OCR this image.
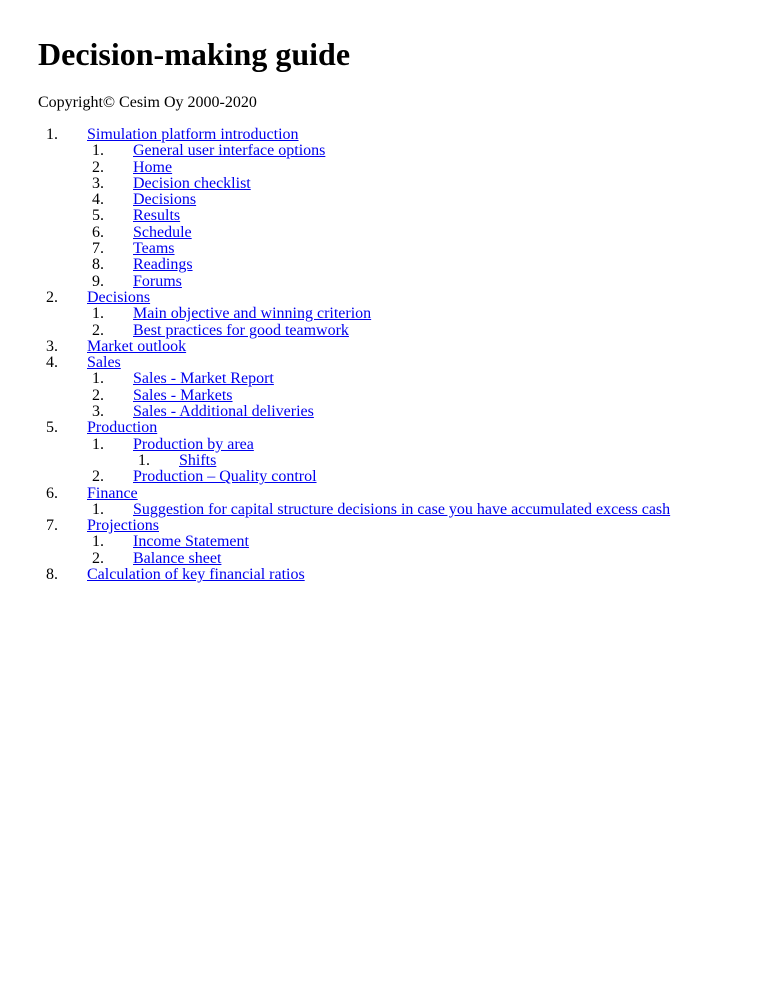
Decision-making guide

Copyright© Cesim Oy 2000-2020

1. Simulation platform introduction
1. General user interface options
2. Home
3. Decision checklist
4. Decisions
5. Results
6. Schedule
7. Teams
8. Readings
9. Forums
2. Decisions
1. Main objective and winning criterion
2. Best practices for good teamwork
3. Market outlook
4. Sales
1. Sales - Market Report
2. Sales - Markets
3. Sales - Additional deliveries
5. Production
1. Production by area
1. Shifts
2. Production – Quality control
6. Finance
1. Suggestion for capital structure decisions in case you have accumulated excess cash
7. Projections
1. Income Statement
2. Balance sheet
8. Calculation of key financial ratios
